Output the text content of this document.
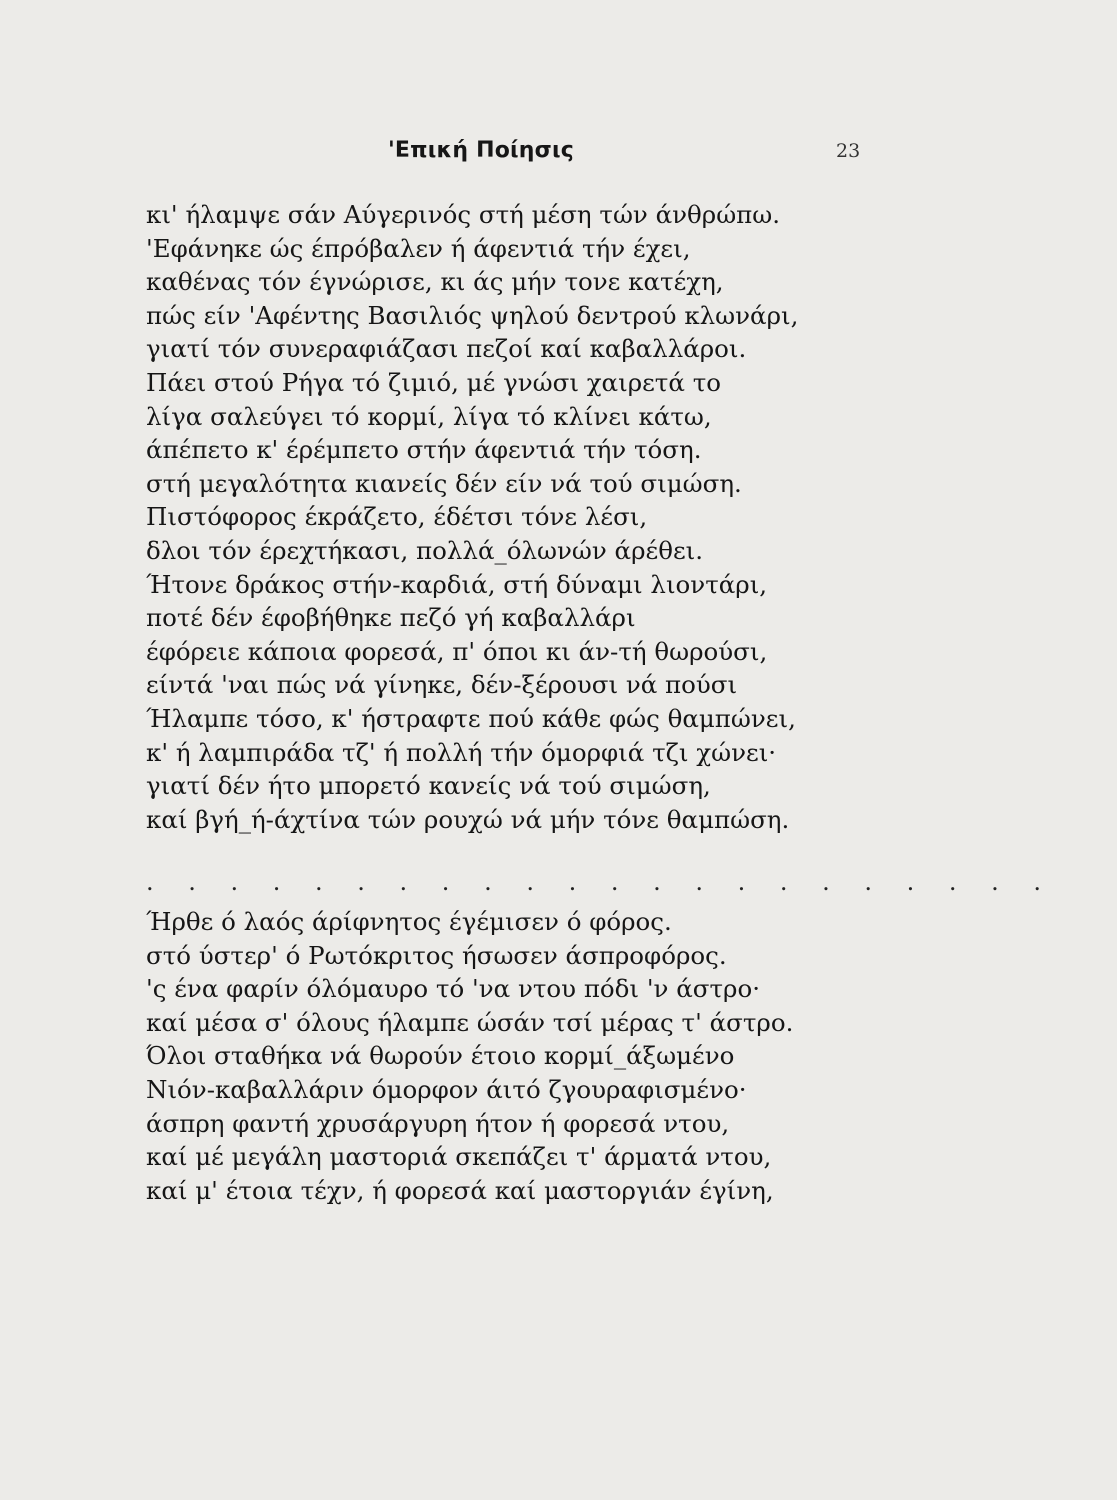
'Επική Ποίησις	23
κι' ήλαμψε σάν Αύγερινός στή μέση τών άνθρώπω.
'Εφάνηκε ώς έπρόβαλεν ή άφεντιά τήν έχει,
καθένας τόν έγνώρισε, κι άς μήν τονε κατέχη,
πώς είν 'Αφέντης Βασιλιός ψηλού δεντρού κλωνάρι,
γιατί τόν συνεραφιάζασι πεζοί καί καβαλλάροι.
Πάει στού Ρήγα τό ζιμιό, μέ γνώσι χαιρετά το
λίγα σαλεύγει τό κορμί, λίγα τό κλίνει κάτω,
άπέπετο κ' έρέμπετο στήν άφεντιά τήν τόση.
στή μεγαλότητα κιανείς δέν είν νά τού σιμώση.
Πιστόφορος έκράζετο, έδέτσι τόνε λέσι,
δλοι τόν έρεχτήκασι, πολλά_όλωνών άρέθει.
Ήτονε δράκος στήν-καρδιά, στή δύναμι λιοντάρι,
ποτέ δέν έφοβήθηκε πεζό γή καβαλλάρι
έφόρειε κάποια φορεσά, π' όποι κι άν-τή θωρούσι,
είντά 'ναι πώς νά γίνηκε, δέν-ξέρουσι νά πούσι
Ήλαμπε τόσο, κ' ήστραφτε πού κάθε φώς θαμπώνει,
κ' ή λαμπιράδα τζ' ή πολλή τήν όμορφιά τζι χώνει·
γιατί δέν ήτο μπορετό κανείς νά τού σιμώση,
καί βγή_ή-άχτίνα τών ρουχώ νά μήν τόνε θαμπώση.
. . . . . . . . . . . . . . . . . . . . . .
Ήρθε ό λαός άρίφνητος έγέμισεν ό φόρος.
στό ύστερ' ό Ρωτόκριτος ήσωσεν άσπροφόρος.
'ς ένα φαρίν όλόμαυρο τό 'να ντου πόδι 'ν άστρο·
καί μέσα σ' όλους ήλαμπε ώσάν τσί μέρας τ' άστρο.
Όλοι σταθήκα νά θωρούν έτοιο κορμί_άξωμένο
Νιόν-καβαλλάριν όμορφον άιτό ζγουραφισμένο·
άσπρη φαντή χρυσάργυρη ήτον ή φορεσά ντου,
καί μέ μεγάλη μαστοριά σκεπάζει τ' άρματά ντου,
καί μ' έτοια τέχν, ή φορεσά καί μαστοργιάν έγίνη,
